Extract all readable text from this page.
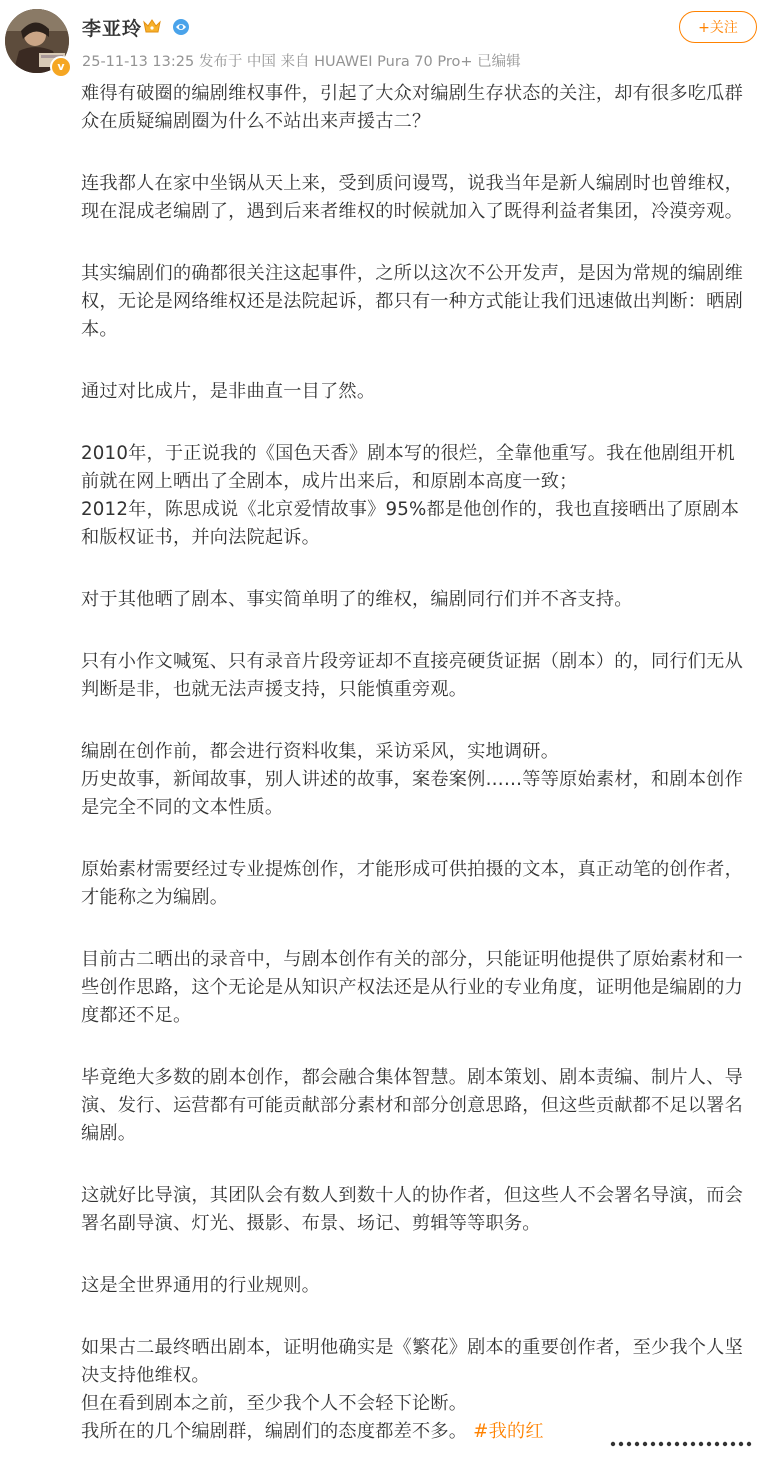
v
李亚玲
25-11-13 13:25 发布于 中国 来自 HUAWEI Pura 70 Pro+ 已编辑
+关注
难得有破圈的编剧维权事件，引起了大众对编剧生存状态的关注，却有很多吃瓜群
众在质疑编剧圈为什么不站出来声援古二？
连我都人在家中坐锅从天上来，受到质问谩骂，说我当年是新人编剧时也曾维权，
现在混成老编剧了，遇到后来者维权的时候就加入了既得利益者集团，冷漠旁观。
其实编剧们的确都很关注这起事件，之所以这次不公开发声，是因为常规的编剧维
权，无论是网络维权还是法院起诉，都只有一种方式能让我们迅速做出判断：晒剧
本。
通过对比成片，是非曲直一目了然。
2010年，于正说我的《国色天香》剧本写的很烂，全靠他重写。我在他剧组开机
前就在网上晒出了全剧本，成片出来后，和原剧本高度一致；
2012年，陈思成说《北京爱情故事》95%都是他创作的，我也直接晒出了原剧本
和版权证书，并向法院起诉。
对于其他晒了剧本、事实简单明了的维权，编剧同行们并不吝支持。
只有小作文喊冤、只有录音片段旁证却不直接亮硬货证据（剧本）的，同行们无从
判断是非，也就无法声援支持，只能慎重旁观。
编剧在创作前，都会进行资料收集，采访采风，实地调研。
历史故事，新闻故事，别人讲述的故事，案卷案例……等等原始素材，和剧本创作
是完全不同的文本性质。
原始素材需要经过专业提炼创作，才能形成可供拍摄的文本，真正动笔的创作者，
才能称之为编剧。
目前古二晒出的录音中，与剧本创作有关的部分，只能证明他提供了原始素材和一
些创作思路，这个无论是从知识产权法还是从行业的专业角度，证明他是编剧的力
度都还不足。
毕竟绝大多数的剧本创作，都会融合集体智慧。剧本策划、剧本责编、制片人、导
演、发行、运营都有可能贡献部分素材和部分创意思路，但这些贡献都不足以署名
编剧。
这就好比导演，其团队会有数人到数十人的协作者，但这些人不会署名导演，而会
署名副导演、灯光、摄影、布景、场记、剪辑等等职务。
这是全世界通用的行业规则。
如果古二最终晒出剧本，证明他确实是《繁花》剧本的重要创作者，至少我个人坚
决支持他维权。
但在看到剧本之前，至少我个人不会轻下论断。
我所在的几个编剧群，编剧们的态度都差不多。 #我的红
